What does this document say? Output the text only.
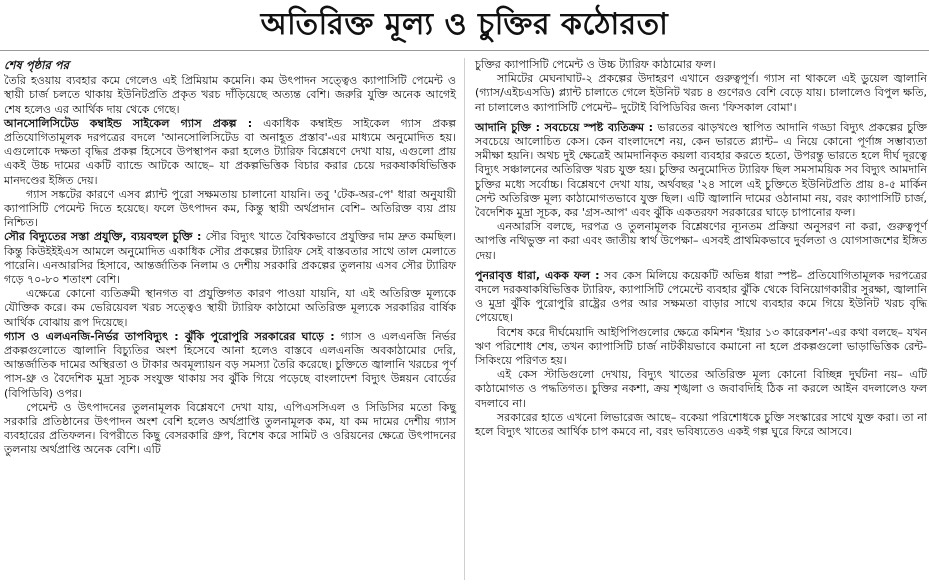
অতিরিক্ত মূল্য ও চুক্তির কঠোরতা
শেষ পৃষ্ঠার পর

তৈরি হওয়ায় ব্যবহার কমে গেলেও এই প্রিমিয়াম কমেনি। কম উৎপাদন সত্ত্বেও ক্যাপাসিটি পেমেন্ট ও স্থায়ী চার্জ চলতে থাকায় ইউনিটপ্রতি প্রকৃত খরচ দাঁড়িয়েছে অত্যন্ত বেশি। জরুরি যুক্তি অনেক আগেই শেষ হলেও এর আর্থিক দায় থেকে গেছে।

আনসোলিসিটেড কম্বাইন্ড সাইকেল গ্যাস প্রকল্প : একাধিক কম্বাইন্ড সাইকেল গ্যাস প্রকল্প প্রতিযোগিতামূলক দরপত্রের বদলে 'আনসোলিসিটেড বা অনাহূত প্রস্তাব'-এর মাধ্যমে অনুমোদিত হয়। এগুলোকে দক্ষতা বৃদ্ধির প্রকল্প হিসেবে উপস্থাপন করা হলেও ট্যারিফ বিশ্লেষণে দেখা যায়, এগুলো প্রায় একই উচ্চ দামের একটি ব্যান্ডে আটকে আছে– যা প্রকল্পভিত্তিক বিচার করার চেয়ে দরকষাকষিভিত্তিক মানদণ্ডের ইঙ্গিত দেয়।

গ্যাস সঙ্কটের কারণে এসব প্ল্যান্ট পুরো সক্ষমতায় চালানো যায়নি। তবু 'টেক-অর-পে' ধারা অনুযায়ী ক্যাপাসিটি পেমেন্ট দিতে হয়েছে। ফলে উৎপাদন কম, কিন্তু স্থায়ী অর্থপ্রদান বেশি– অতিরিক্ত ব্যয় প্রায় নিশ্চিত।

সৌর বিদ্যুতের সস্তা প্রযুক্তি, ব্যয়বহুল চুক্তি : সৌর বিদ্যুৎ খাতে বৈশ্বিকভাবে প্রযুক্তির দাম দ্রুত কমছিল। কিন্তু কিউইইইএস আমলে অনুমোদিত একাধিক সৌর প্রকল্পের ট্যারিফ সেই বাস্তবতার সাথে তাল মেলাতে পারেনি। এনআরসির হিসাবে, আন্তর্জাতিক নিলাম ও দেশীয় সরকারি প্রকল্পের তুলনায় এসব সৌর ট্যারিফ গড়ে ৭০-৮০ শতাংশ বেশি।

এক্ষেত্রে কোনো ব্যতিক্রমী স্থানগত বা প্রযুক্তিগত কারণ পাওয়া যায়নি, যা এই অতিরিক্ত মূল্যকে যৌক্তিক করে। কম ভেরিয়েবল খরচ সত্ত্বেও স্থায়ী ট্যারিফ কাঠামো অতিরিক্ত মূল্যকে সরকারির বার্ষিক আর্থিক বোঝায় রূপ দিয়েছে।

গ্যাস ও এলএনজি-নির্ভর তাপবিদ্যুৎ : ঝুঁকি পুরোপুরি সরকারের ঘাড়ে : গ্যাস ও এলএনজি নির্ভর প্রকল্পগুলোতে জ্বালানি বিচ্যুতির অংশ হিসেবে আনা হলেও বাস্তবে এলএনজি অবকাঠামোর দেরি, আন্তর্জাতিক দামের অস্থিরতা ও টাকার অবমূল্যায়ন বড় সমস্যা তৈরি করেছে। চুক্তিতে জ্বালানি খরচের পূর্ণ পাস-থ্রু ও বৈদেশিক মুদ্রা সূচক সংযুক্ত থাকায় সব ঝুঁকি গিয়ে পড়েছে বাংলাদেশ বিদ্যুৎ উন্নয়ন বোর্ডের (বিপিডিবি) ওপর।

পেমেন্ট ও উৎপাদনের তুলনামূলক বিশ্লেষণে দেখা যায়, এপিএসসিএল ও সিডিসির মতো কিছু সরকারি প্রতিষ্ঠানের উৎপাদন অংশ বেশি হলেও অর্থপ্রাপ্তি তুলনামূলক কম, যা কম দামের দেশীয় গ্যাস ব্যবহারের প্রতিফলন। বিপরীতে কিছু বেসরকারি গ্রুপ, বিশেষ করে সামিট ও ওরিয়নের ক্ষেত্রে উৎপাদনের তুলনায় অর্থপ্রাপ্তি অনেক বেশি। এটি

চুক্তির ক্যাপাসিটি পেমেন্ট ও উচ্চ ট্যারিফ কাঠামোর ফল।

সামিটের মেঘনাঘাট-২ প্রকল্পের উদাহরণ এখানে গুরুত্বপূর্ণ। গ্যাস না থাকলে এই ডুয়েল জ্বালানি (গ্যাস/এইচএসডি) প্ল্যান্ট চালাতে গেলে ইউনিট খরচ ৪ গুণেরও বেশি বেড়ে যায়। চালালেও বিপুল ক্ষতি, না চালালেও ক্যাপাসিটি পেমেন্ট– দুটোই বিপিডিবির জন্য 'ফিসকাল বোমা'।

আদানি চুক্তি : সবচেয়ে স্পষ্ট ব্যতিক্রম : ভারতের ঝাড়খণ্ডে স্থাপিত আদানি গড্ডা বিদ্যুৎ প্রকল্পের চুক্তি সবচেয়ে আলোচিত কেস। কেন বাংলাদেশে নয়, কেন ভারতে প্ল্যান্ট– এ নিয়ে কোনো পূর্ণাঙ্গ সম্ভাব্যতা সমীক্ষা হয়নি। অথচ দুই ক্ষেত্রেই আমদানিকৃত কয়লা ব্যবহার করতে হতো, উপরন্তু ভারতে হলে দীর্ঘ দূরত্বে বিদ্যুৎ সঞ্চালনের অতিরিক্ত খরচ যুক্ত হয়। চুক্তির অনুমোদিত ট্যারিফ ছিল সমসাময়িক সব বিদ্যুৎ আমদানি চুক্তির মধ্যে সর্বোচ্চ। বিশ্লেষণে দেখা যায়, অর্থবছর '২৪ সালে এই চুক্তিতে ইউনিটপ্রতি প্রায় ৪-৫ মার্কিন সেন্ট অতিরিক্ত মূল্য কাঠামোগতভাবে যুক্ত ছিল। এটি জ্বালানি দামের ওঠানামা নয়, বরং ক্যাপাসিটি চার্জ, বৈদেশিক মুদ্রা সূচক, কর 'গ্রস-আপ' এবং ঝুঁকি একতরফা সরকারের ঘাড়ে চাপানোর ফল।

এনআরসি বলছে, দরপত্র ও তুলনামূলক বিশ্লেষণের ন্যূনতম প্রক্রিয়া অনুসরণ না করা, গুরুত্বপূর্ণ আপত্তি নথিভুক্ত না করা এবং জাতীয় স্বার্থ উপেক্ষা– এসবই প্রাথমিকভাবে দুর্বলতা ও যোগসাজশের ইঙ্গিত দেয়।

পুনরাবৃত্ত ধারা, একক ফল : সব কেস মিলিয়ে কয়েকটি অভিন্ন ধারা স্পষ্ট– প্রতিযোগিতামূলক দরপত্রের বদলে দরকষাকষিভিত্তিক ট্যারিফ, ক্যাপাসিটি পেমেন্টে ব্যবহার ঝুঁকি থেকে বিনিয়োগকারীর সুরক্ষা, জ্বালানি ও মুদ্রা ঝুঁকি পুরোপুরি রাষ্ট্রের ওপর আর সক্ষমতা বাড়ার সাথে ব্যবহার কমে গিয়ে ইউনিট খরচ বৃদ্ধি পেয়েছে।

বিশেষ করে দীর্ঘমেয়াদি আইপিপিগুলোর ক্ষেত্রে কমিশন 'ইয়ার ১৩ কারেকশন'-এর কথা বলছে– যখন ঋণ পরিশোধ শেষ, তখন ক্যাপাসিটি চার্জ নাটকীয়ভাবে কমানো না হলে প্রকল্পগুলো ভাড়াভিত্তিক রেন্ট-সিকিংয়ে পরিণত হয়।

এই কেস স্টাডিগুলো দেখায়, বিদ্যুৎ খাতের অতিরিক্ত মূল্য কোনো বিচ্ছিন্ন দুর্ঘটনা নয়– এটি কাঠামোগত ও পদ্ধতিগত। চুক্তির নকশা, ক্রয় শৃঙ্খলা ও জবাবদিহি ঠিক না করলে আইন বদলালেও ফল বদলাবে না।

সরকারের হাতে এখনো লিভারেজ আছে– বকেয়া পরিশোধকে চুক্তি সংস্কারের সাথে যুক্ত করা। তা না হলে বিদ্যুৎ খাতের আর্থিক চাপ কমবে না, বরং ভবিষ্যতেও একই গল্প ঘুরে ফিরে আসবে।
